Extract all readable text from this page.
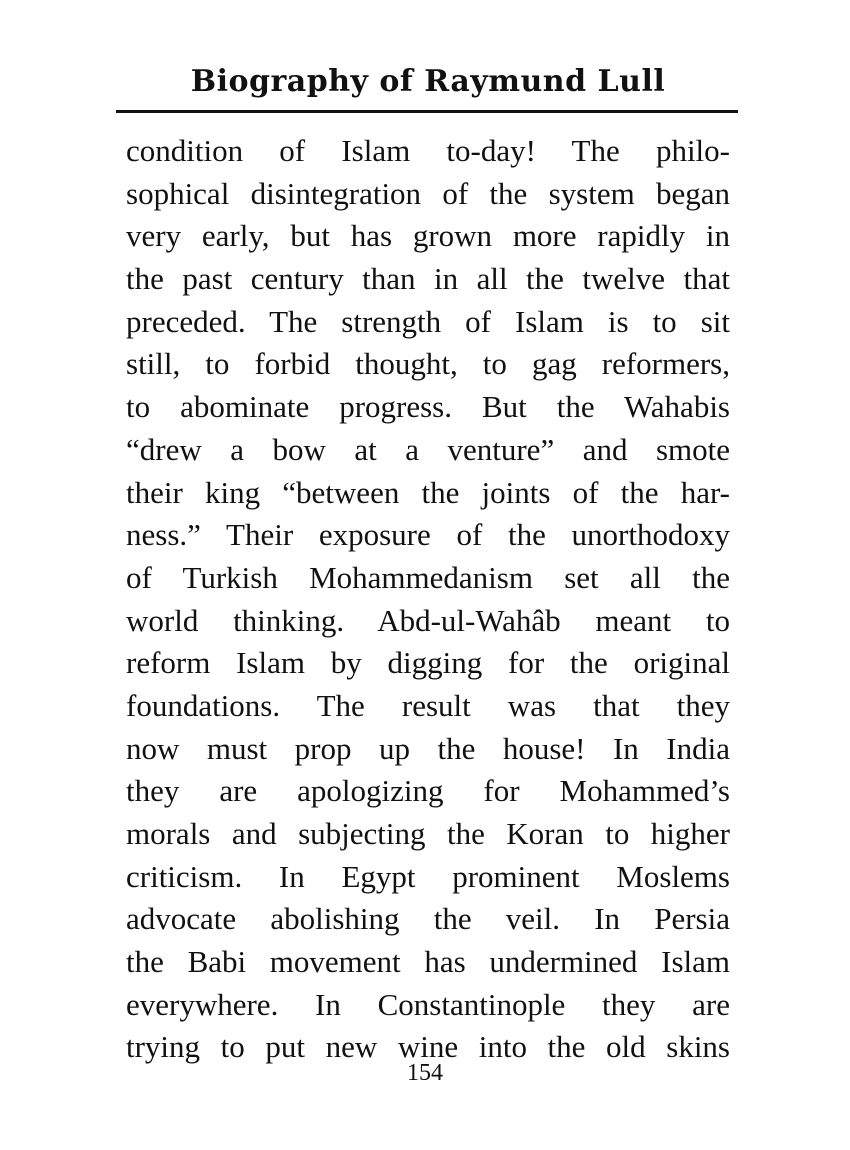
Biography of Raymund Lull
condition of Islam to-day! The philo-
sophical disintegration of the system began
very early, but has grown more rapidly in
the past century than in all the twelve that
preceded. The strength of Islam is to sit
still, to forbid thought, to gag reformers,
to abominate progress. But the Wahabis
“drew a bow at a venture” and smote
their king “between the joints of the har-
ness.” Their exposure of the unorthodoxy
of Turkish Mohammedanism set all the
world thinking. Abd-ul-Wahâb meant to
reform Islam by digging for the original
foundations. The result was that they
now must prop up the house! In India
they are apologizing for Mohammed’s
morals and subjecting the Koran to higher
criticism. In Egypt prominent Moslems
advocate abolishing the veil. In Persia
the Babi movement has undermined Islam
everywhere. In Constantinople they are
trying to put new wine into the old skins
154
